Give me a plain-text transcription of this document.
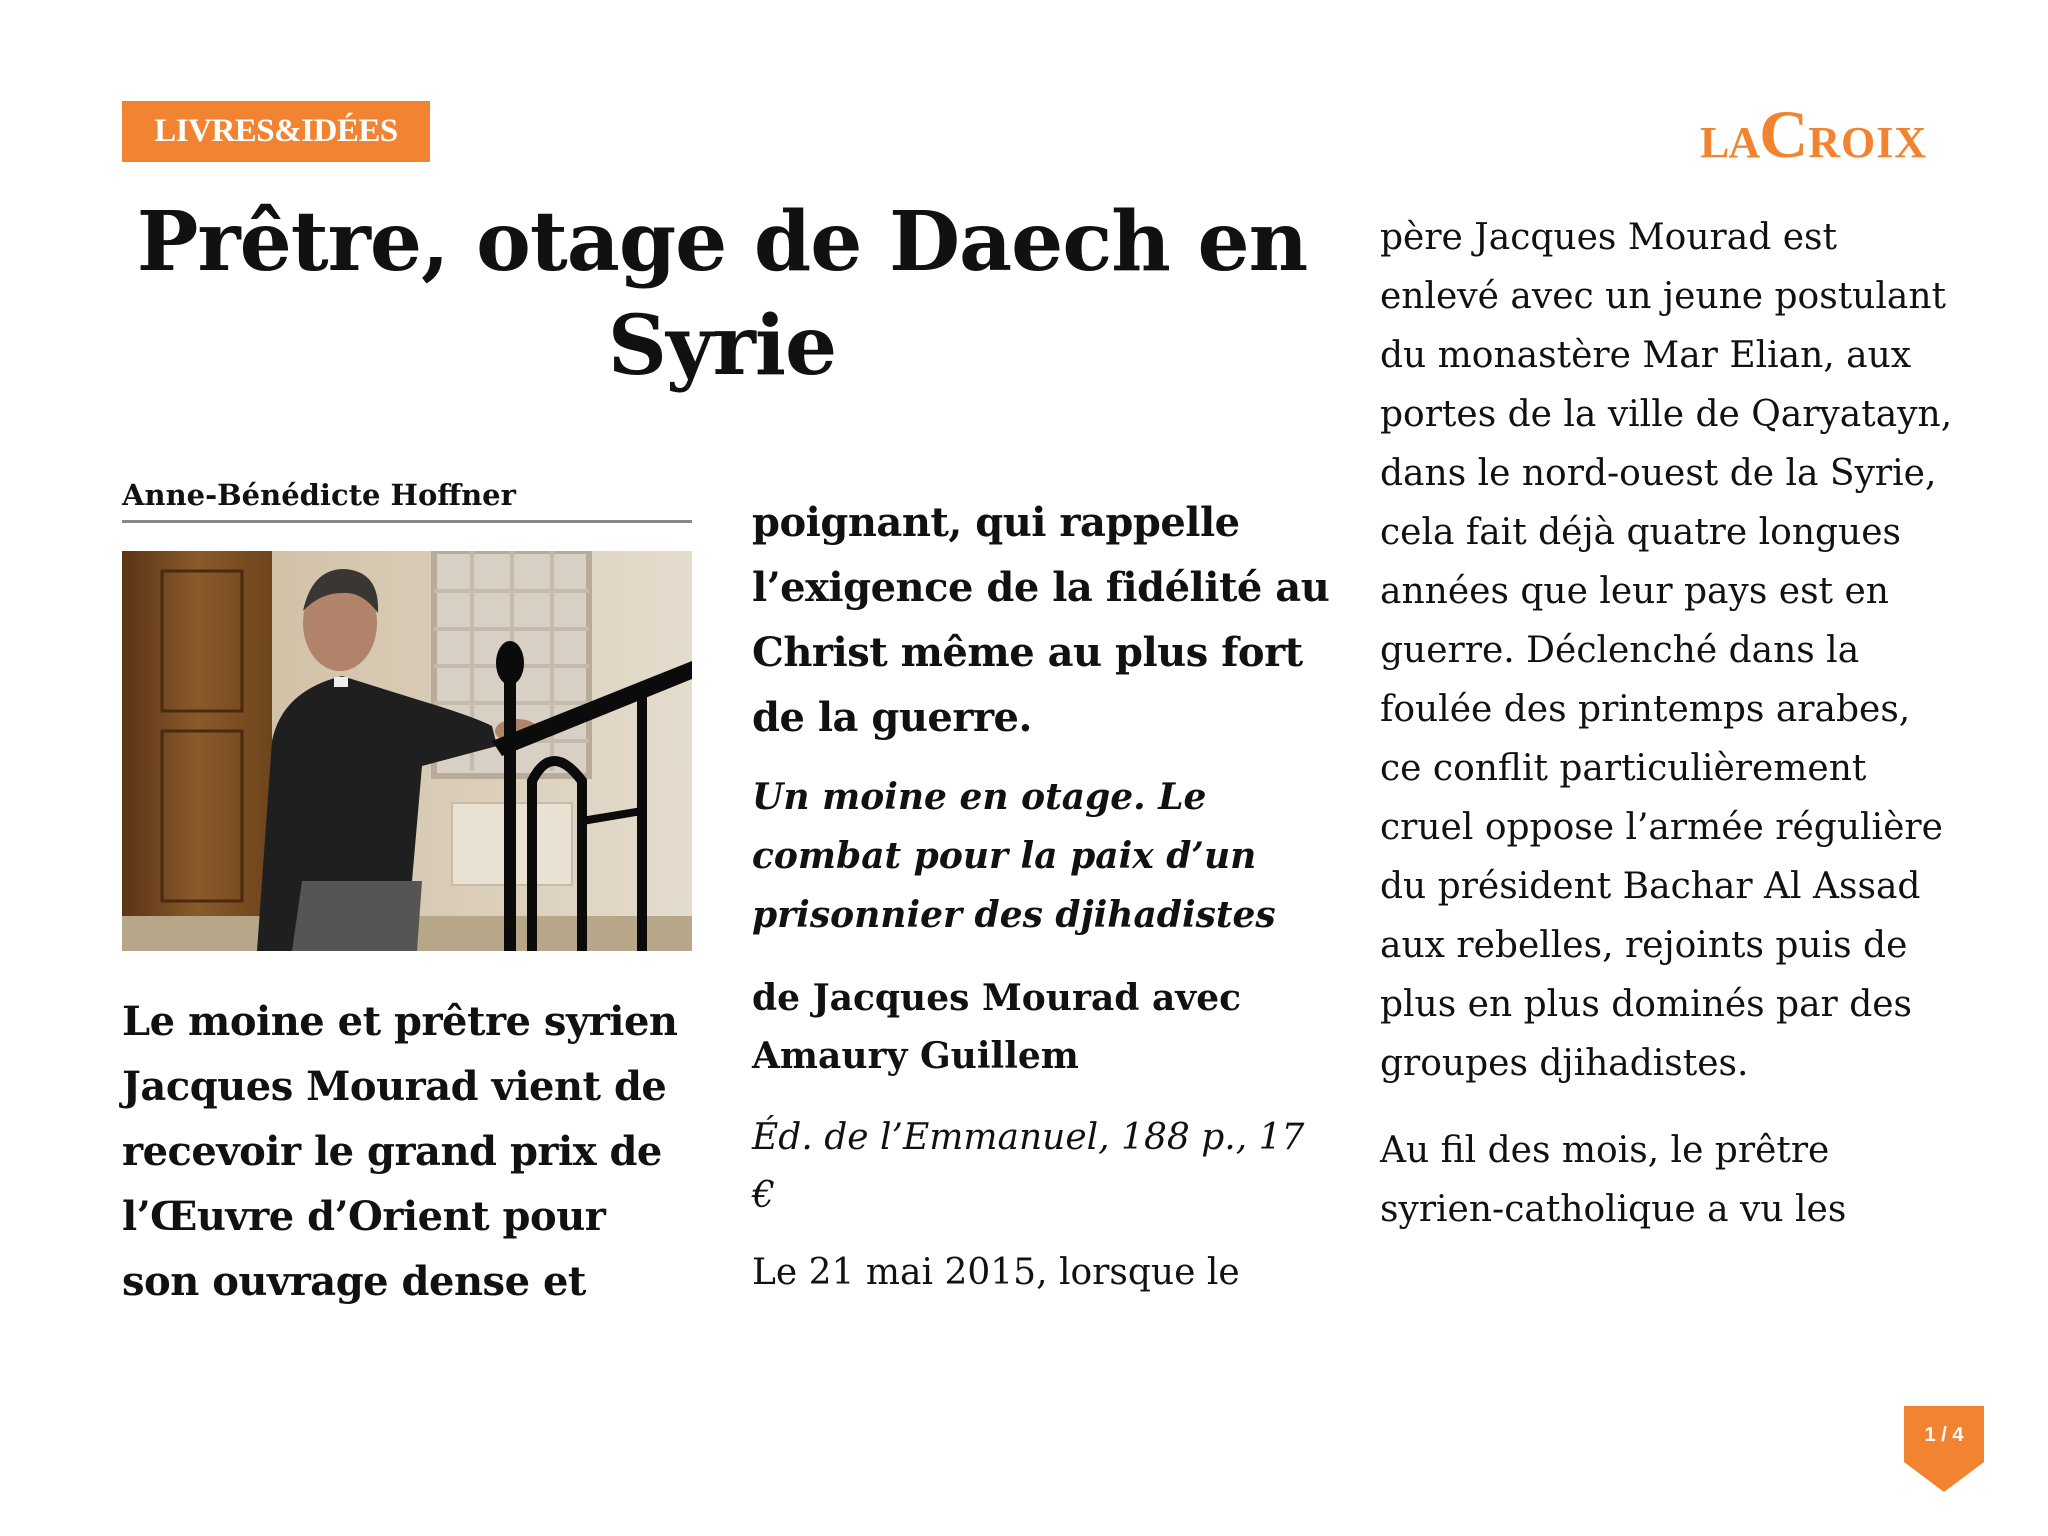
LIVRES&IDÉES	LA C ROIX
Prêtre, otage de Daech en Syrie

Anne-Bénédicte Hoffner

Le moine et prêtre syrien Jacques Mourad vient de recevoir le grand prix de l’Œuvre d’Orient pour son ouvrage dense et

poignant, qui rappelle l’exigence de la fidélité au Christ même au plus fort de la guerre.

Un moine en otage. Le combat pour la paix d’un prisonnier des djihadistes

de Jacques Mourad avec Amaury Guillem

Éd. de l’Emmanuel, 188 p., 17 €

Le 21 mai 2015, lorsque le

père Jacques Mourad est enlevé avec un jeune postulant du monastère Mar Elian, aux portes de la ville de Qaryatayn, dans le nord-ouest de la Syrie, cela fait déjà quatre longues années que leur pays est en guerre. Déclenché dans la foulée des printemps arabes, ce conflit particulièrement cruel oppose l’armée régulière du président Bachar Al Assad aux rebelles, rejoints puis de plus en plus dominés par des groupes djihadistes.

Au fil des mois, le prêtre syrien-catholique a vu les

1 / 4
